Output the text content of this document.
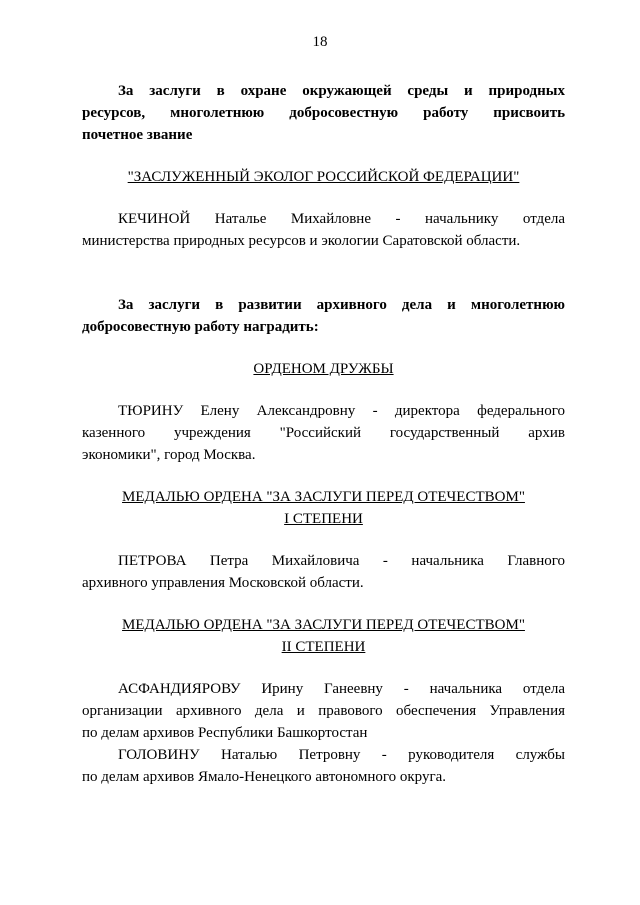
18
За заслуги в охране окружающей среды и природных
ресурсов, многолетнюю добросовестную работу присвоить
почетное звание
"ЗАСЛУЖЕННЫЙ ЭКОЛОГ РОССИЙСКОЙ ФЕДЕРАЦИИ"
КЕЧИНОЙ Наталье Михайловне - начальнику отдела
министерства природных ресурсов и экологии Саратовской области.
За заслуги в развитии архивного дела и многолетнюю
добросовестную работу наградить:
ОРДЕНОМ ДРУЖБЫ
ТЮРИНУ Елену Александровну - директора федерального
казенного учреждения "Российский государственный архив
экономики", город Москва.
МЕДАЛЬЮ ОРДЕНА "ЗА ЗАСЛУГИ ПЕРЕД ОТЕЧЕСТВОМ"
I СТЕПЕНИ
ПЕТРОВА Петра Михайловича - начальника Главного
архивного управления Московской области.
МЕДАЛЬЮ ОРДЕНА "ЗА ЗАСЛУГИ ПЕРЕД ОТЕЧЕСТВОМ"
II СТЕПЕНИ
АСФАНДИЯРОВУ Ирину Ганеевну - начальника отдела
организации архивного дела и правового обеспечения Управления
по делам архивов Республики Башкортостан
ГОЛОВИНУ Наталью Петровну - руководителя службы
по делам архивов Ямало-Ненецкого автономного округа.
